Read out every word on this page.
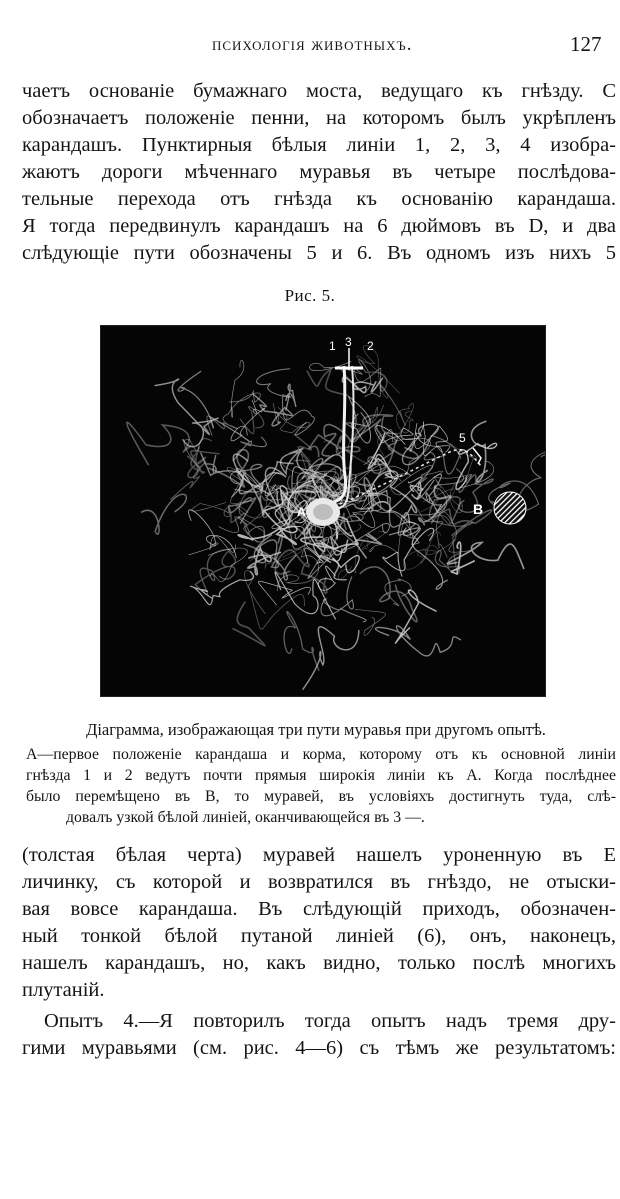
психологія животныхъ.	127

чаетъ основаніе бумажнаго моста, ведущаго къ гнѣзду. С
обозначаетъ положеніе пенни, на которомъ былъ укрѣпленъ
карандашъ. Пунктирныя бѣлыя линіи 1, 2, 3, 4 изобра-
жаютъ дороги мѣченнаго муравья въ четыре послѣдова-
тельные перехода отъ гнѣзда къ основанію карандаша.
Я тогда передвинулъ карандашъ на 6 дюймовъ въ D, и два
слѣдующіе пути обозначены 5 и 6. Въ одномъ изъ нихъ 5

Рис. 5.
1 3 2
5
A	B
Діаграмма, изображающая три пути муравья при другомъ опытѣ.

А—первое положеніе карандаша и корма, которому отъ къ основной линіи
гнѣзда 1 и 2 ведутъ почти прямыя широкія линіи къ А. Когда послѣднее
было перемѣщено въ В, то муравей, въ условіяхъ достигнуть туда, слѣ-
довалъ узкой бѣлой линіей, оканчивающейся въ 3 —.

(толстая бѣлая черта) муравей нашелъ уроненную въ Е
личинку, съ которой и возвратился въ гнѣздо, не отыски-
вая вовсе карандаша. Въ слѣдующій приходъ, обозначен-
ный тонкой бѣлой путаной линіей (6), онъ, наконецъ,
нашелъ карандашъ, но, какъ видно, только послѣ многихъ
плутаній.

Опытъ 4.—Я повторилъ тогда опытъ надъ тремя дру-
гими муравьями (см. рис. 4—6) съ тѣмъ же результатомъ:
